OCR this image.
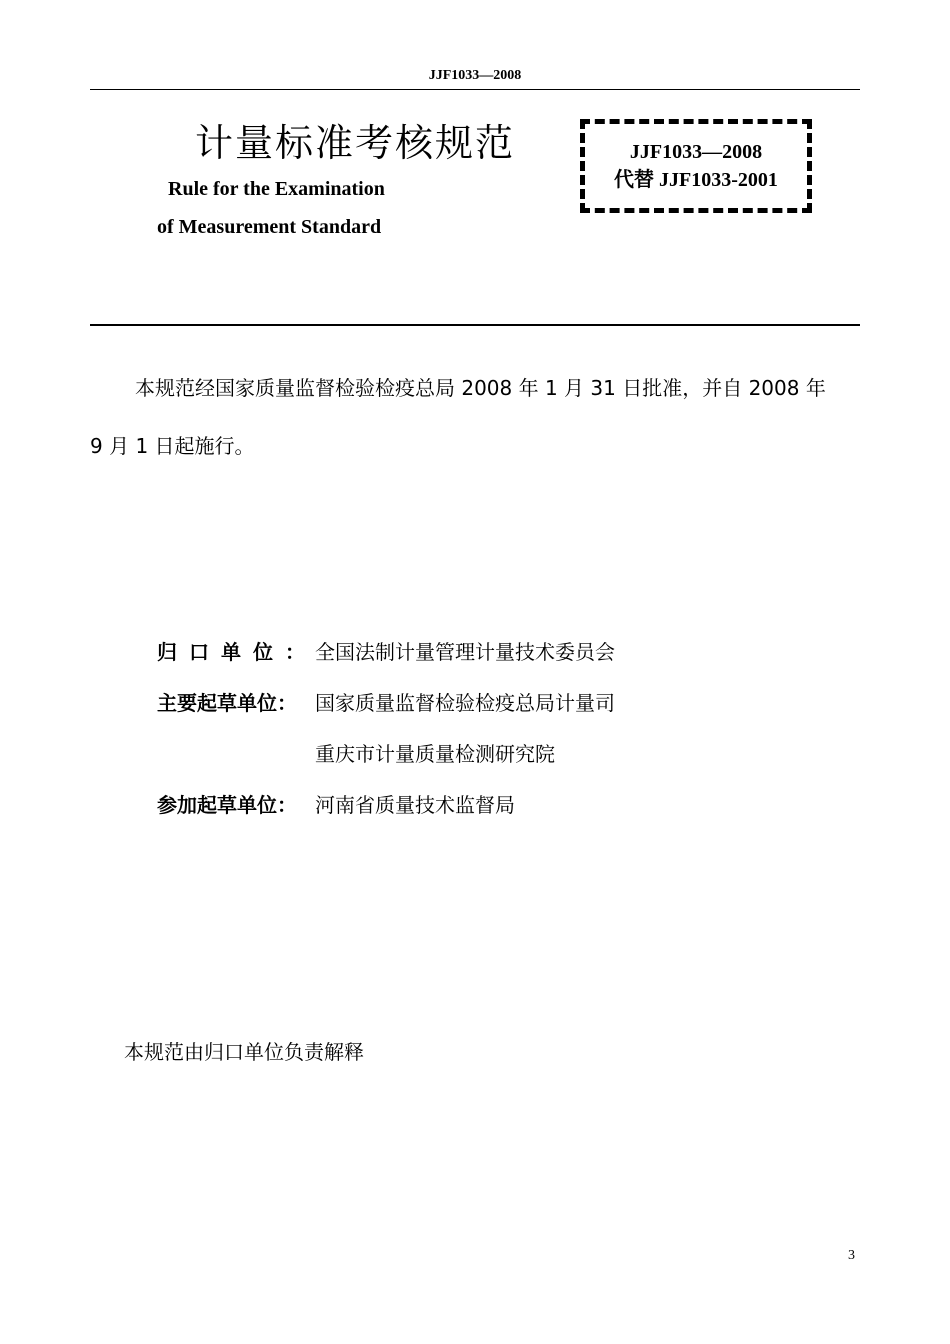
JJF1033—2008
计量标准考核规范
Rule for the Examination
of Measurement Standard
JJF1033—2008
代替 JJF1033-2001
本规范经国家质量监督检验检疫总局 2008 年 1 月 31 日批准，并自 2008 年
9 月 1 日起施行。
归口单位：
全国法制计量管理计量技术委员会
主要起草单位： 国家质量监督检验检疫总局计量司
重庆市计量质量检测研究院
参加起草单位： 河南省质量技术监督局
本规范由归口单位负责解释
3
